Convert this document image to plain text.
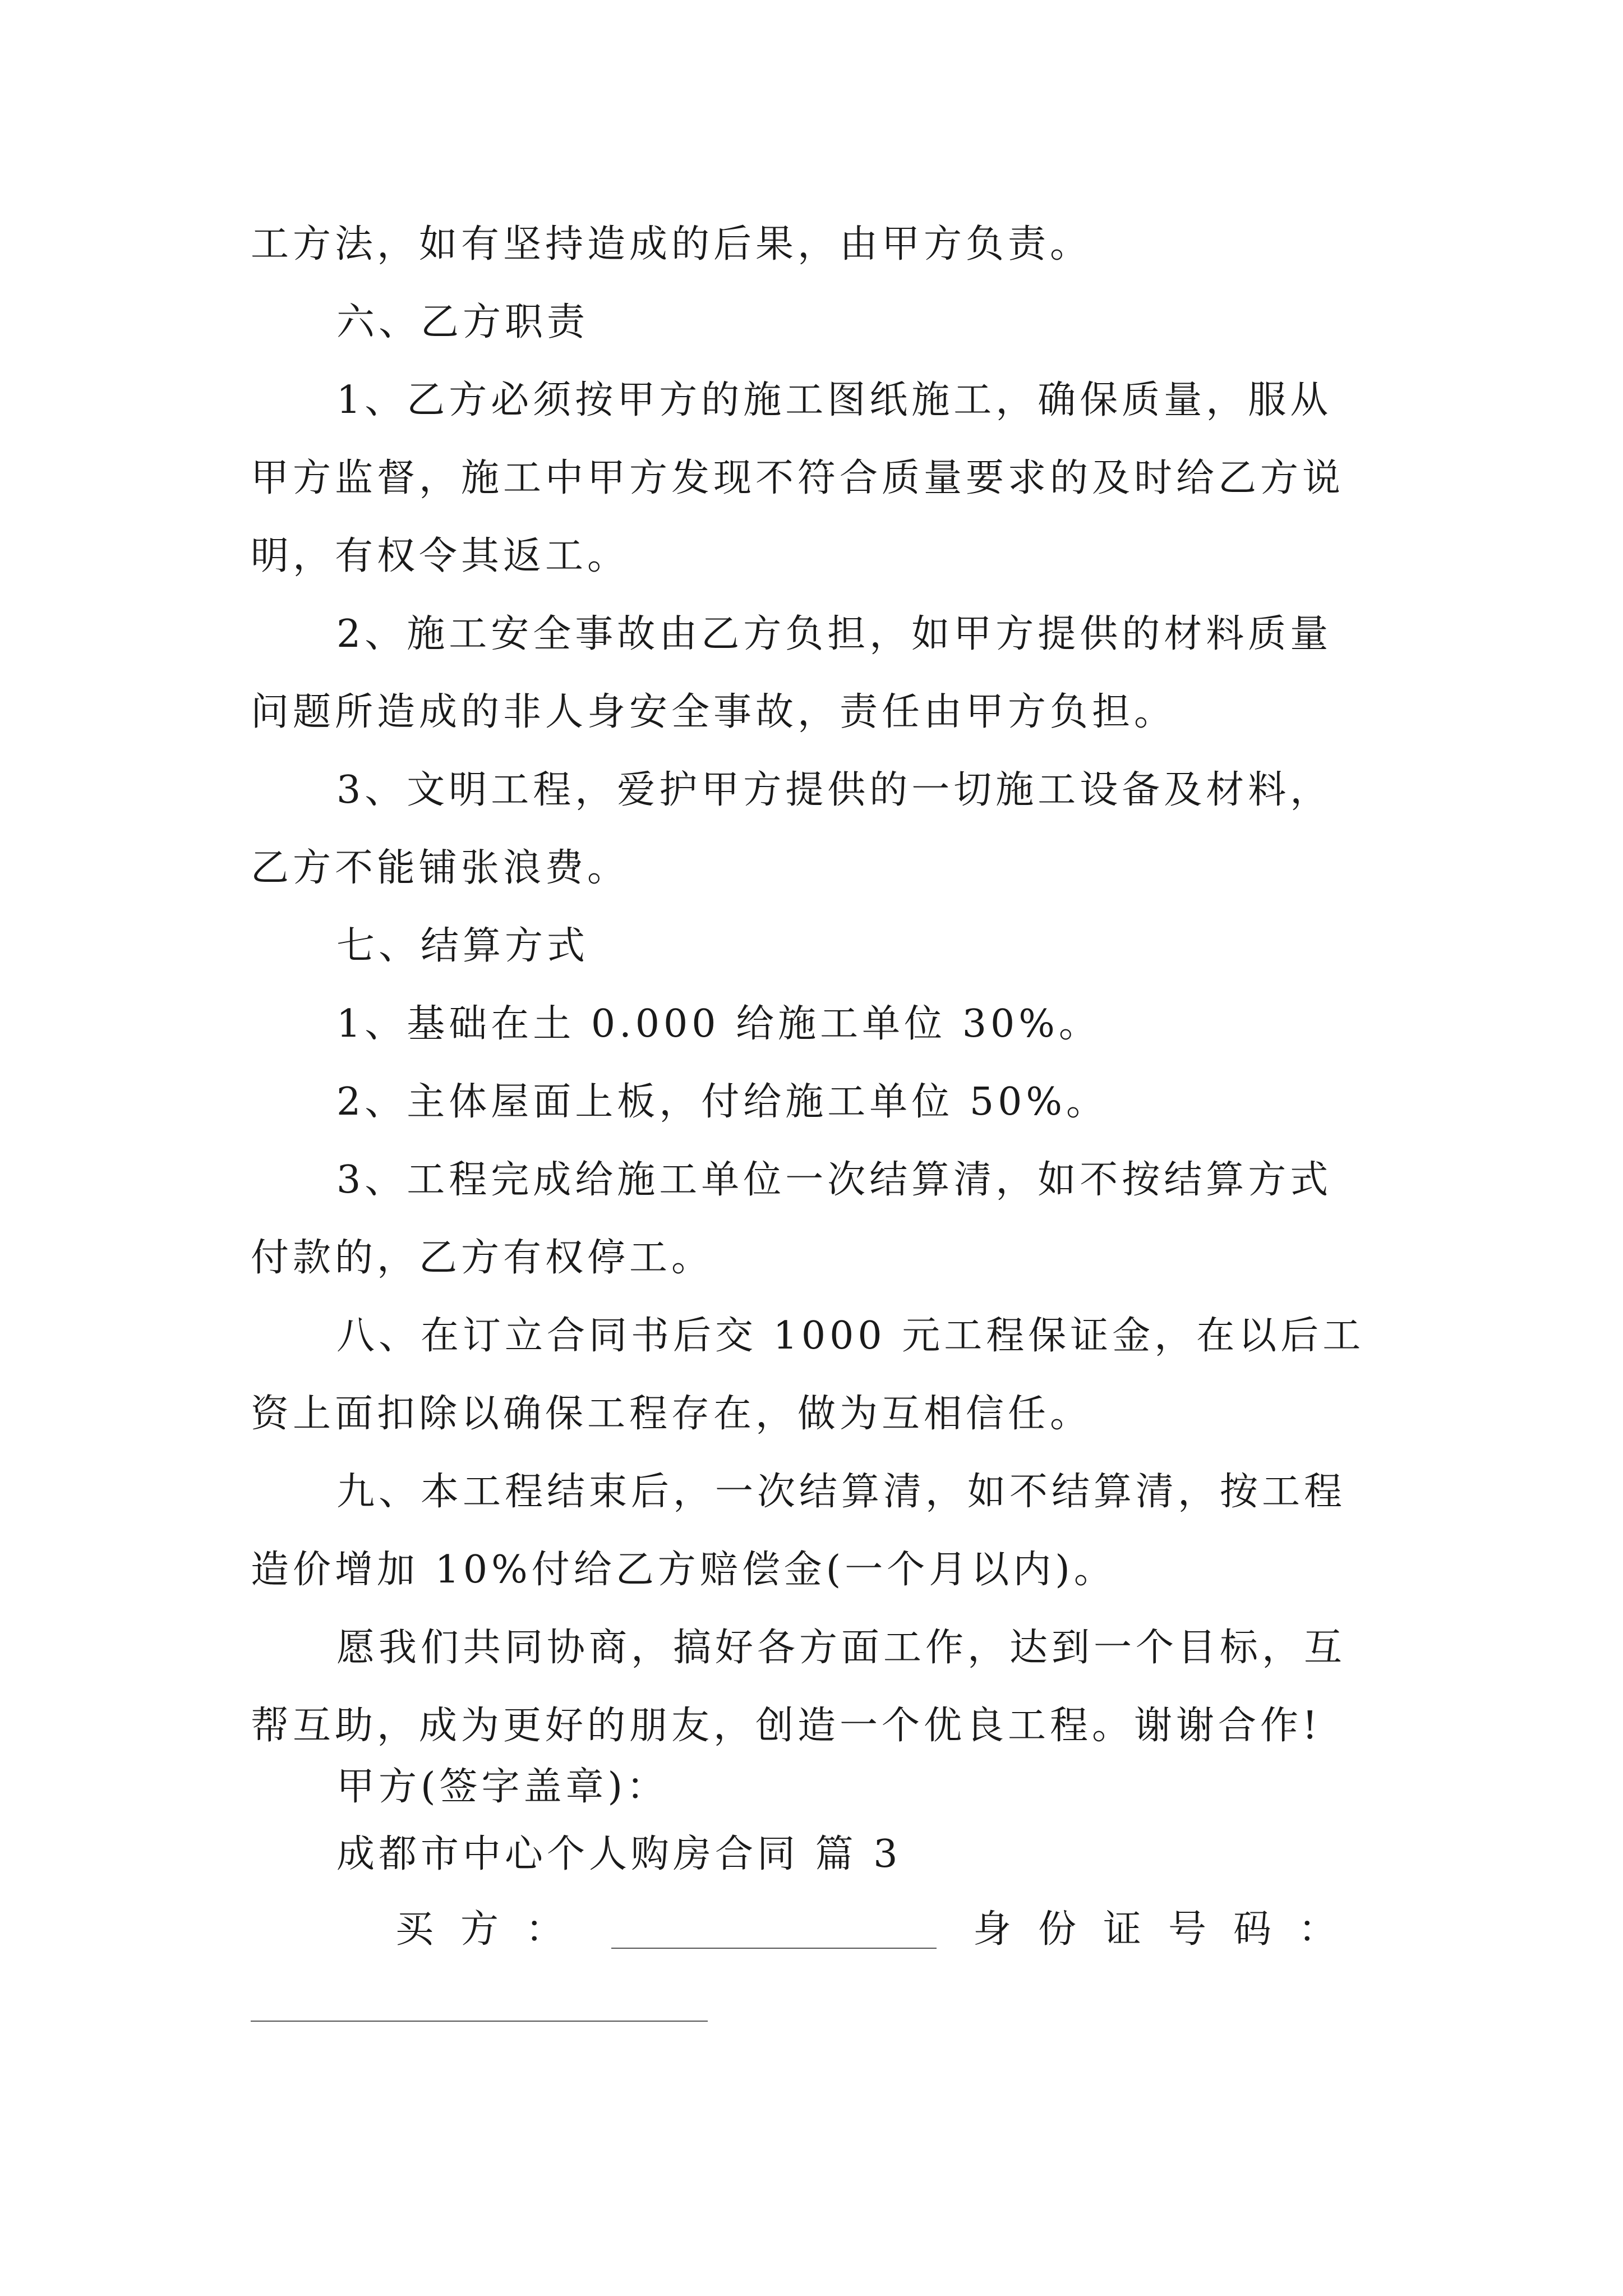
工方法，如有坚持造成的后果，由甲方负责。
六、乙方职责
1、乙方必须按甲方的施工图纸施工，确保质量，服从
甲方监督，施工中甲方发现不符合质量要求的及时给乙方说
明，有权令其返工。
2、施工安全事故由乙方负担，如甲方提供的材料质量
问题所造成的非人身安全事故，责任由甲方负担。
3、文明工程，爱护甲方提供的一切施工设备及材料，
乙方不能铺张浪费。
七、结算方式
1、基础在土 0.000 给施工单位 30%。
2、主体屋面上板，付给施工单位 50%。
3、工程完成给施工单位一次结算清，如不按结算方式
付款的，乙方有权停工。
八、在订立合同书后交 1000 元工程保证金，在以后工
资上面扣除以确保工程存在，做为互相信任。
九、本工程结束后，一次结算清，如不结算清，按工程
造价增加 10%付给乙方赔偿金(一个月以内)。
愿我们共同协商，搞好各方面工作，达到一个目标，互
帮互助，成为更好的朋友，创造一个优良工程。谢谢合作!
甲方(签字盖章)：
成都市中心个人购房合同 篇 3
买方：	身份证号码：
